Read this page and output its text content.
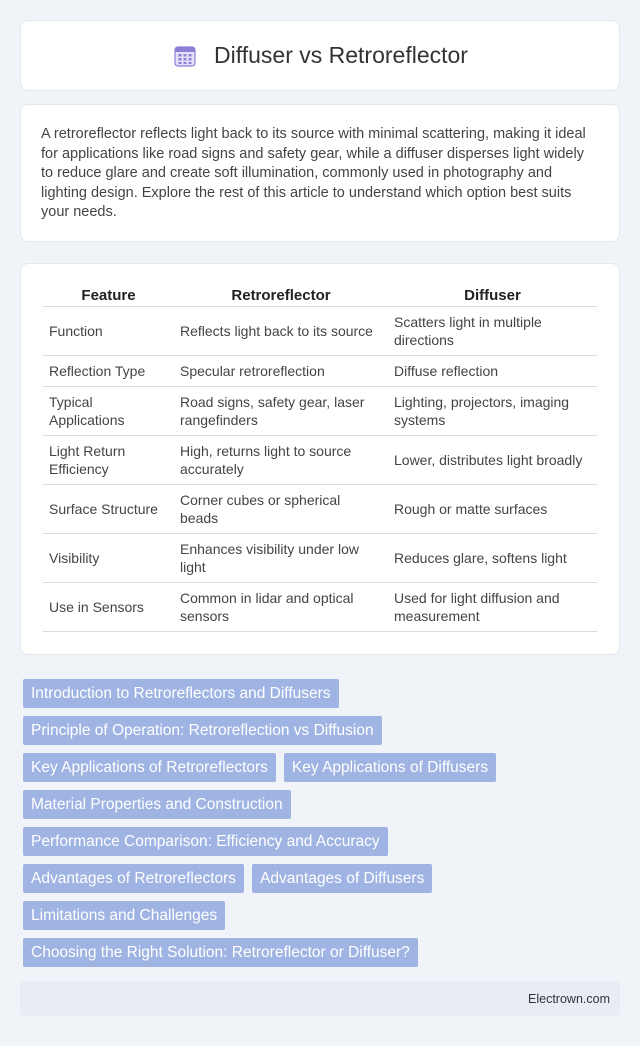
Diffuser vs Retroreflector

A retroreflector reflects light back to its source with minimal scattering, making it ideal for applications like road signs and safety gear, while a diffuser disperses light widely to reduce glare and create soft illumination, commonly used in photography and lighting design. Explore the rest of this article to understand which option best suits your needs.

Feature	Retroreflector	Diffuser
Function	Reflects light back to its source	Scatters light in multiple directions
Reflection Type	Specular retroreflection	Diffuse reflection
Typical Applications	Road signs, safety gear, laser rangefinders	Lighting, projectors, imaging systems
Light Return Efficiency	High, returns light to source accurately	Lower, distributes light broadly
Surface Structure	Corner cubes or spherical beads	Rough or matte surfaces
Visibility	Enhances visibility under low light	Reduces glare, softens light
Use in Sensors	Common in lidar and optical sensors	Used for light diffusion and measurement
Introduction to Retroreflectors and Diffusers
Principle of Operation: Retroreflection vs Diffusion
Key Applications of Retroreflectors	Key Applications of Diffusers
Material Properties and Construction
Performance Comparison: Efficiency and Accuracy
Advantages of Retroreflectors	Advantages of Diffusers
Limitations and Challenges
Choosing the Right Solution: Retroreflector or Diffuser?
Electrown.com
